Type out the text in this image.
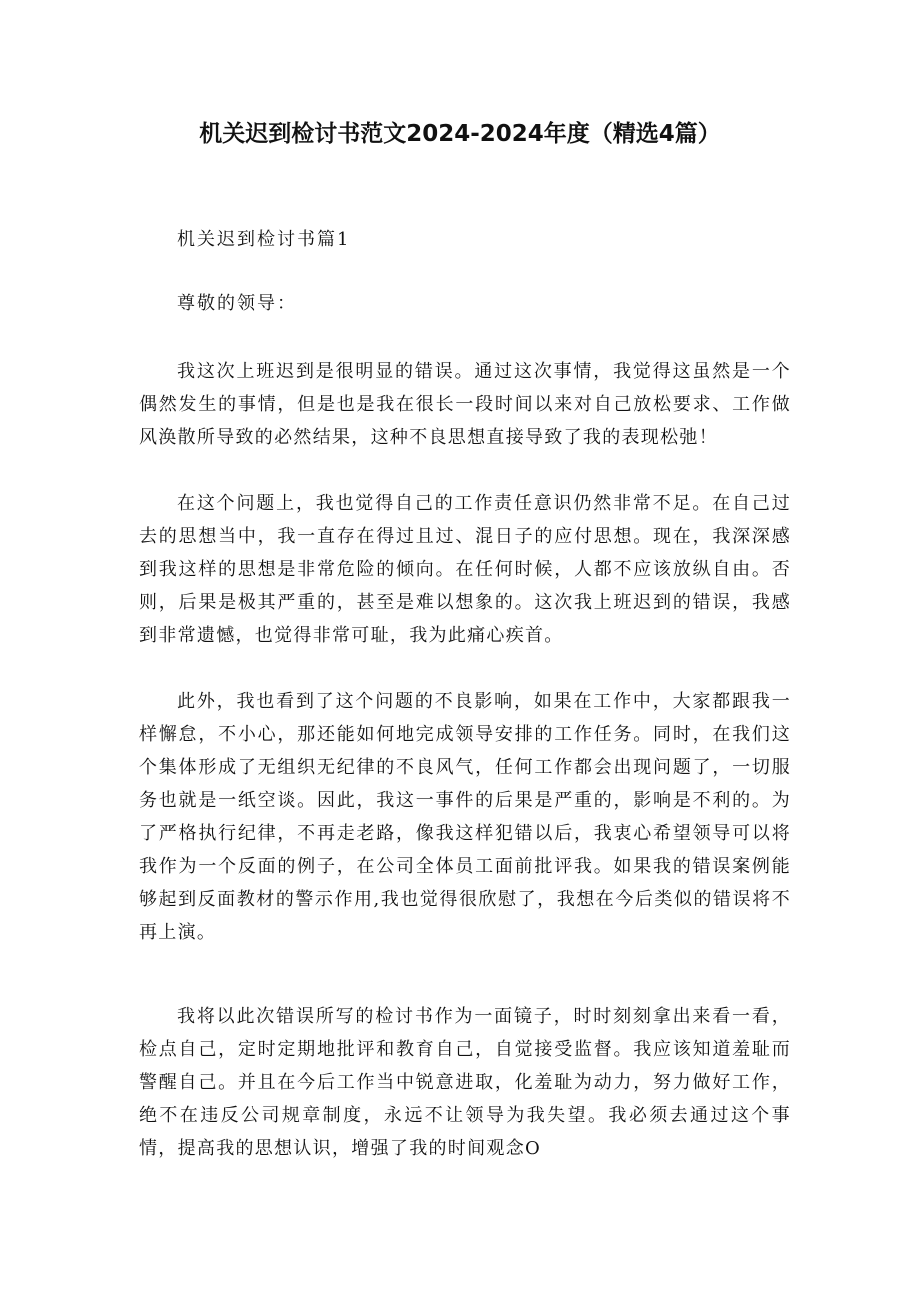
机关迟到检讨书范文2024-2024年度（精选4篇）
机关迟到检讨书篇1

尊敬的领导：

我这次上班迟到是很明显的错误。通过这次事情，我觉得这虽然是一个偶然发生的事情，但是也是我在很长一段时间以来对自己放松要求、工作做风涣散所导致的必然结果，这种不良思想直接导致了我的表现松弛！

在这个问题上，我也觉得自己的工作责任意识仍然非常不足。在自己过去的思想当中，我一直存在得过且过、混日子的应付思想。现在，我深深感到我这样的思想是非常危险的倾向。在任何时候，人都不应该放纵自由。否则，后果是极其严重的，甚至是难以想象的。这次我上班迟到的错误，我感到非常遗憾，也觉得非常可耻，我为此痛心疾首。

此外，我也看到了这个问题的不良影响，如果在工作中，大家都跟我一样懈怠，不小心，那还能如何地完成领导安排的工作任务。同时，在我们这个集体形成了无组织无纪律的不良风气，任何工作都会出现问题了，一切服务也就是一纸空谈。因此，我这一事件的后果是严重的，影响是不利的。为了严格执行纪律，不再走老路，像我这样犯错以后，我衷心希望领导可以将我作为一个反面的例子，在公司全体员工面前批评我。如果我的错误案例能够起到反面教材的警示作用,我也觉得很欣慰了，我想在今后类似的错误将不再上演。

我将以此次错误所写的检讨书作为一面镜子，时时刻刻拿出来看一看，检点自己，定时定期地批评和教育自己，自觉接受监督。我应该知道羞耻而警醒自己。并且在今后工作当中锐意进取，化羞耻为动力，努力做好工作，绝不在违反公司规章制度，永远不让领导为我失望。我必须去通过这个事情，提高我的思想认识，增强了我的时间观念O
